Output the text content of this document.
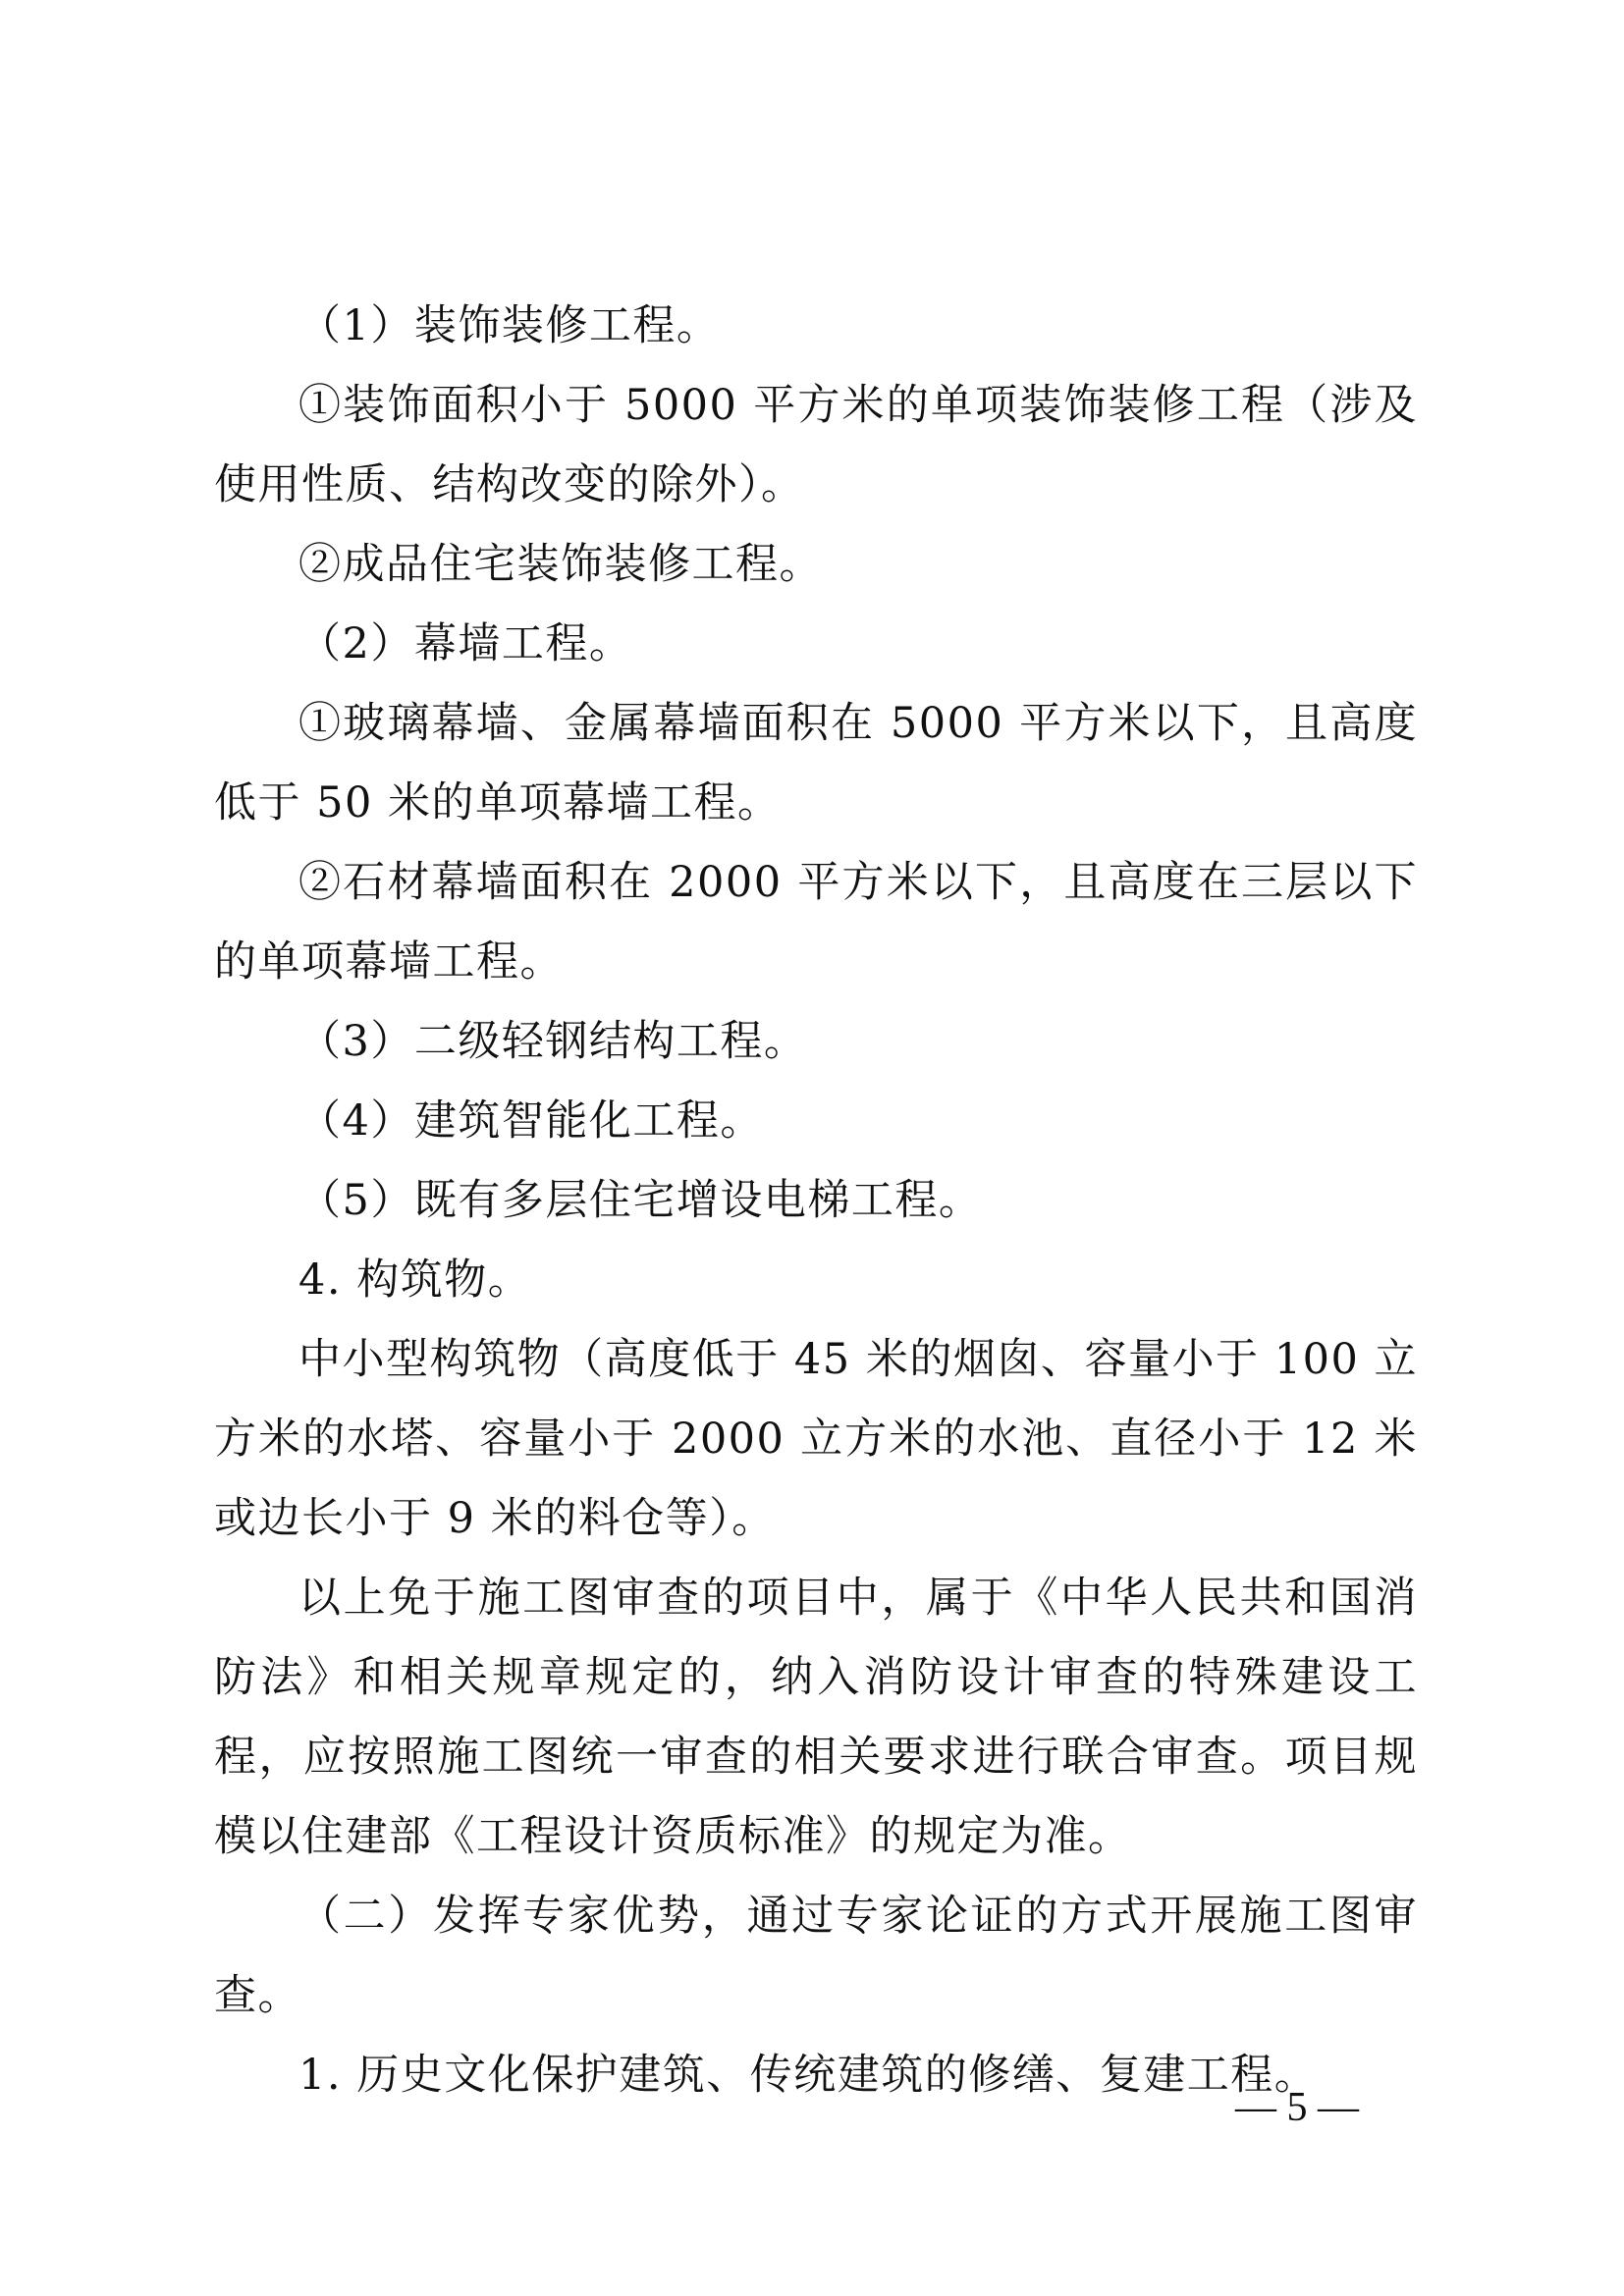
（1）装饰装修工程。

①装饰面积小于 5000 平方米的单项装饰装修工程（涉及使用性质、结构改变的除外）。

②成品住宅装饰装修工程。

（2）幕墙工程。

①玻璃幕墙、金属幕墙面积在 5000 平方米以下，且高度低于 50 米的单项幕墙工程。

②石材幕墙面积在 2000 平方米以下，且高度在三层以下的单项幕墙工程。

（3）二级轻钢结构工程。

（4）建筑智能化工程。

（5）既有多层住宅增设电梯工程。

4. 构筑物。

中小型构筑物（高度低于 45 米的烟囱、容量小于 100 立方米的水塔、容量小于 2000 立方米的水池、直径小于 12 米或边长小于 9 米的料仓等）。

以上免于施工图审查的项目中，属于《中华人民共和国消防法》和相关规章规定的，纳入消防设计审查的特殊建设工程，应按照施工图统一审查的相关要求进行联合审查。项目规模以住建部《工程设计资质标准》的规定为准。

（二）发挥专家优势，通过专家论证的方式开展施工图审查。

1. 历史文化保护建筑、传统建筑的修缮、复建工程。

— 5 —
